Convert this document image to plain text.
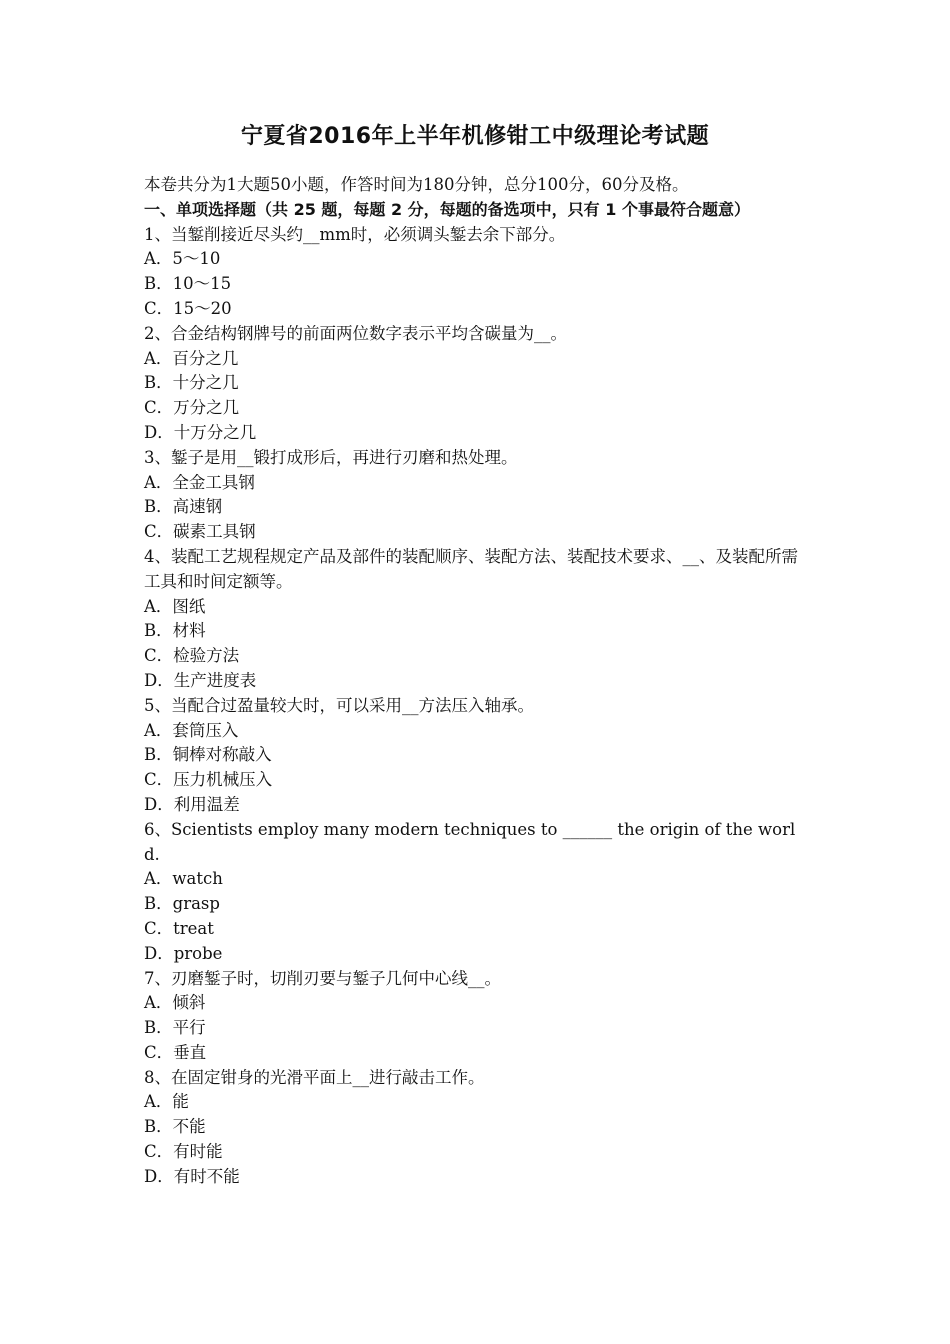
宁夏省2016年上半年机修钳工中级理论考试题
本卷共分为1大题50小题，作答时间为180分钟，总分100分，60分及格。
一、单项选择题（共 25 题，每题 2 分，每题的备选项中，只有 1 个事最符合题意）
1、当錾削接近尽头约__mm时，必须调头錾去余下部分。
A．5～10
B．10～15
C．15～20
2、合金结构钢牌号的前面两位数字表示平均含碳量为__。
A．百分之几
B．十分之几
C．万分之几
D．十万分之几
3、錾子是用__锻打成形后，再进行刃磨和热处理。
A．全金工具钢
B．高速钢
C．碳素工具钢
4、装配工艺规程规定产品及部件的装配顺序、装配方法、装配技术要求、__、及装配所需工具和时间定额等。
A．图纸
B．材料
C．检验方法
D．生产进度表
5、当配合过盈量较大时，可以采用__方法压入轴承。
A．套筒压入
B．铜棒对称敲入
C．压力机械压入
D．利用温差
6、Scientists employ many modern techniques to ______ the origin of the world.
A．watch
B．grasp
C．treat
D．probe
7、刃磨錾子时，切削刃要与錾子几何中心线__。
A．倾斜
B．平行
C．垂直
8、在固定钳身的光滑平面上__进行敲击工作。
A．能
B．不能
C．有时能
D．有时不能
